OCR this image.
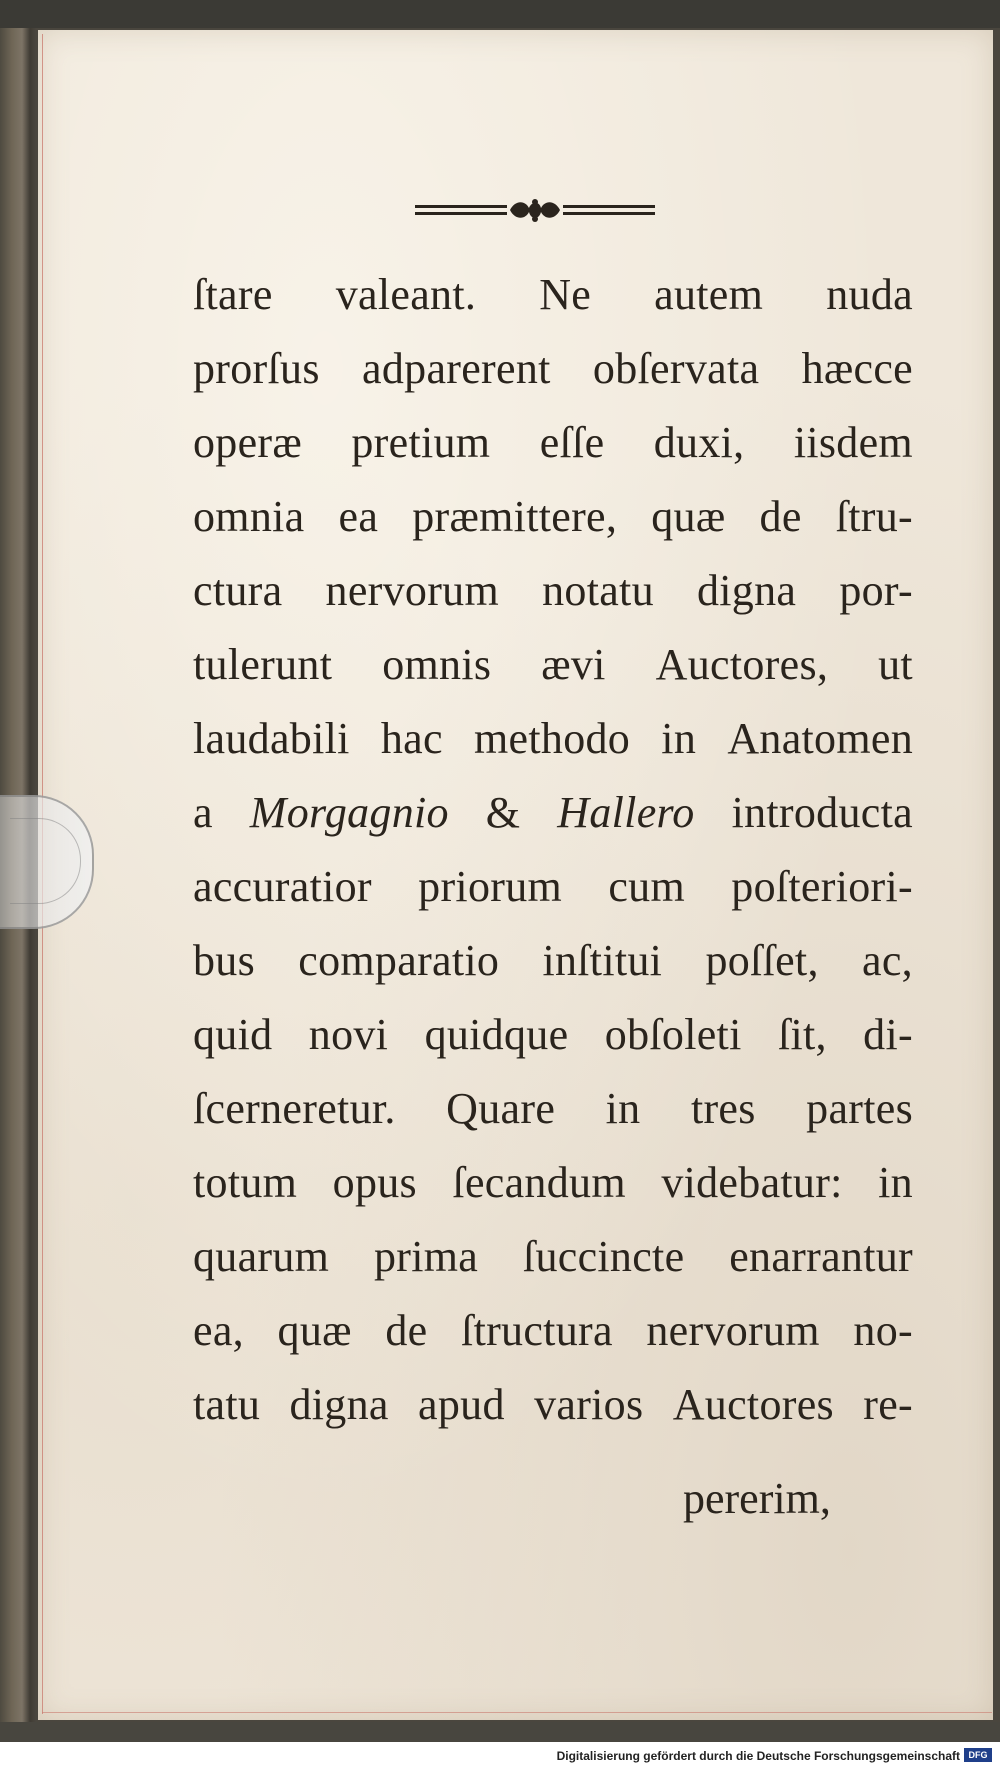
ſtare valeant. Ne autem nuda
prorſus adparerent obſervata hæcce
operæ pretium eſſe duxi, iisdem
omnia ea præmittere, quæ de ſtru-
ctura nervorum notatu digna por-
tulerunt omnis ævi Auctores, ut
laudabili hac methodo in Anatomen
a Morgagnio & Hallero introducta
accuratior priorum cum poſteriori-
bus comparatio inſtitui poſſet, ac,
quid novi quidque obſoleti ſit, di-
ſcerneretur. Quare in tres partes
totum opus ſecandum videbatur: in
quarum prima ſuccincte enarrantur
ea, quæ de ſtructura nervorum no-
tatu digna apud varios Auctores re-
pererim,
Digitalisierung gefördert durch die Deutsche Forschungsgemeinschaft DFG
